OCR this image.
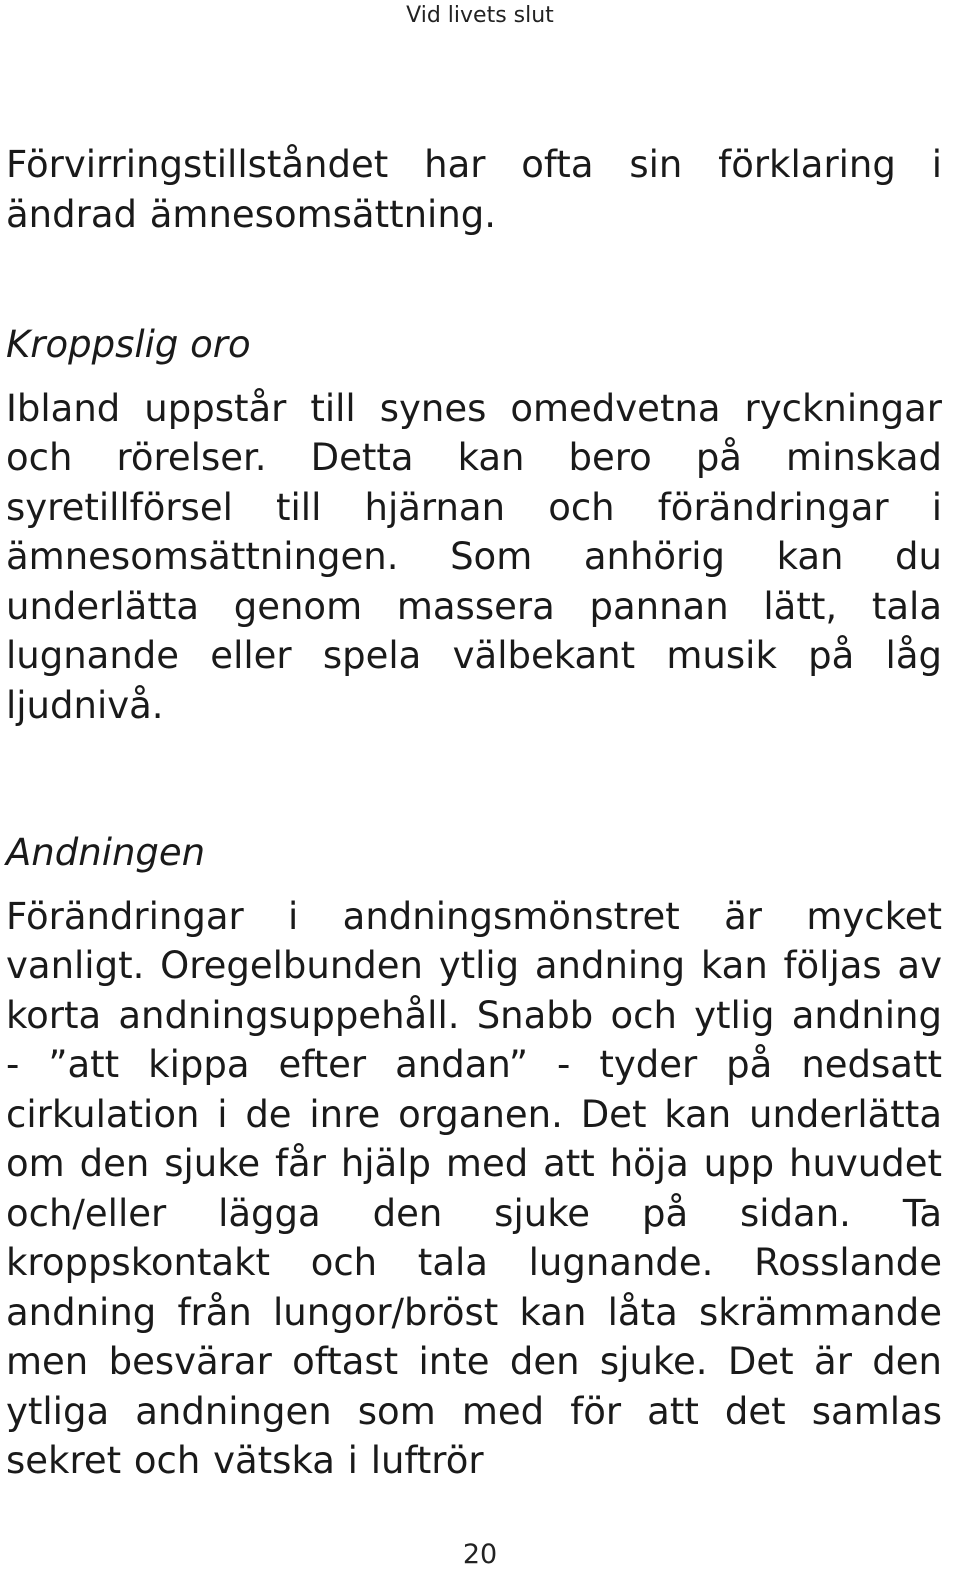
Vid livets slut

Förvirringstillståndet har ofta sin förklaring i ändrad ämnesomsättning.

Kroppslig oro

Ibland uppstår till synes omedvetna ryckningar och rörelser. Detta kan bero på minskad syretillförsel till hjärnan och förändringar i ämnesomsättningen. Som anhörig kan du underlätta genom massera pannan lätt, tala lugnande eller spela välbekant musik på låg ljudnivå.

Andningen

Förändringar i andningsmönstret är mycket vanligt. Oregelbunden ytlig andning kan följas av korta andningsuppehåll. Snabb och ytlig andning - ”att kippa efter andan” - tyder på nedsatt cirkulation i de inre organen. Det kan underlätta om den sjuke får hjälp med att höja upp huvudet och/eller lägga den sjuke på sidan. Ta kroppskontakt och tala lugnande. Rosslande andning från lungor/bröst kan låta skrämmande men besvärar oftast inte den sjuke. Det är den ytliga andningen som med för att det samlas sekret och vätska i luftrör

20
